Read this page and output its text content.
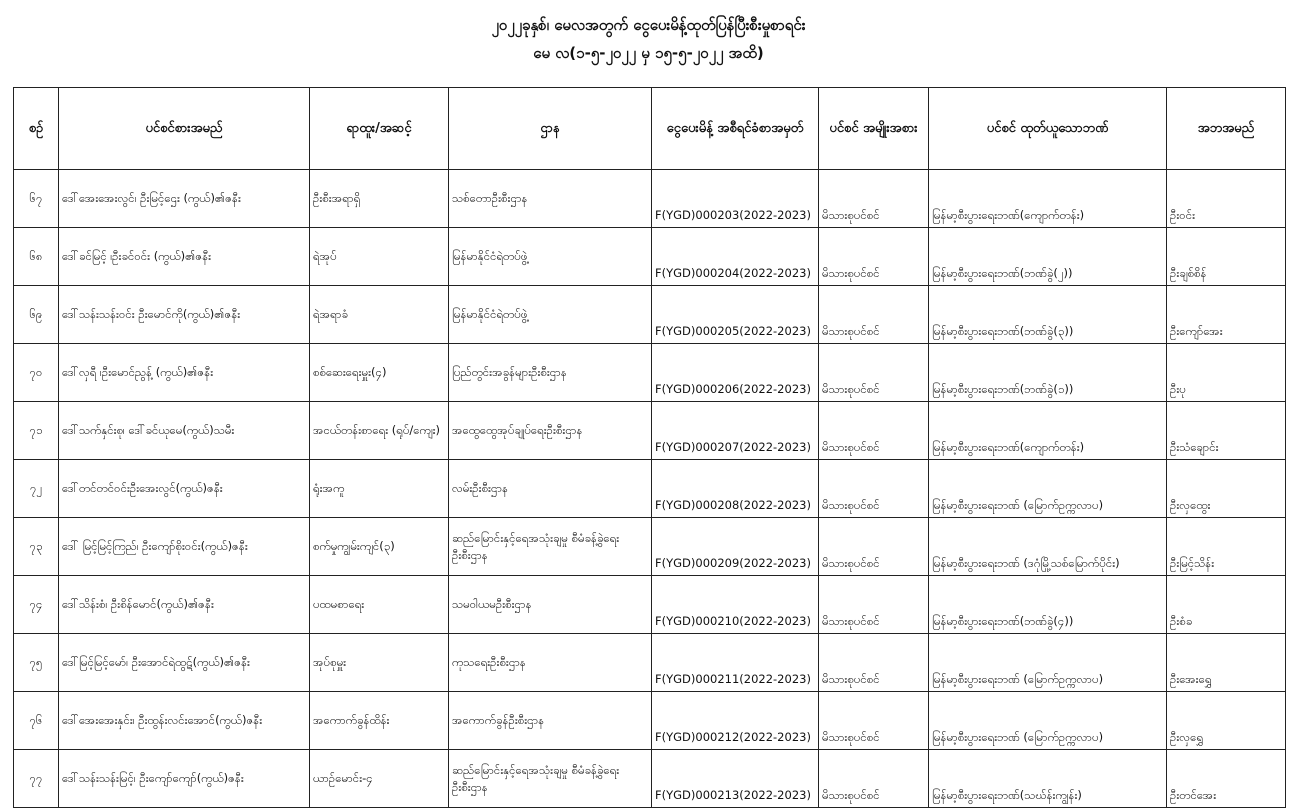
၂၀၂၂ခုနှစ်၊ မေလအတွက် ငွေပေးမိန့်ထုတ်ပြန်ပြီးစီးမှုစာရင်း
မေ လ(၁-၅-၂၀၂၂ မှ ၁၅-၅-၂၀၂၂ အထိ)
စဉ်	ပင်စင်စားအမည်	ရာထူး/အဆင့်	ဌာန	ငွေပေးမိန့် အစီရင်ခံစာအမှတ်	ပင်စင် အမျိုးအစား	ပင်စင် ထုတ်ယူသောဘဏ်	အဘအမည်
၆၇	ဒေါ်အေးအေးလွင်၊ ဦးမြင့်ဌေး (ကွယ်)၏ဇနီး	ဦးစီးအရာရှိ	သစ်တောဦးစီးဌာန	F(YGD)000203(2022-2023)	မိသားစုပင်စင်	မြန်မာ့စီးပွားရေးဘဏ်(ကျောက်တန်း)	ဦးဝင်း
၆၈	ဒေါ်ခင်မြင့် ၊ဦးခင်ဝင်း (ကွယ်)၏ဇနီး	ရဲအုပ်	မြန်မာနိုင်ငံရဲတပ်ဖွဲ့	F(YGD)000204(2022-2023)	မိသားစုပင်စင်	မြန်မာ့စီးပွားရေးဘဏ်(ဘဏ်ခွဲ(၂))	ဦးချစ်စိန်
၆၉	ဒေါ်သန်းသန်းဝင်း ဦးမောင်ကို(ကွယ်)၏ဇနီး	ရဲအရာခံ	မြန်မာနိုင်ငံရဲတပ်ဖွဲ့	F(YGD)000205(2022-2023)	မိသားစုပင်စင်	မြန်မာ့စီးပွားရေးဘဏ်(ဘဏ်ခွဲ(၃))	ဦးကျော်အေး
၇၀	ဒေါ်လှရီ ၊ဦးမောင်ညွန့် (ကွယ်)၏ဇနီး	စစ်ဆေးရေးမှူး(၄)	ပြည်တွင်းအခွန်များဦးစီးဌာန	F(YGD)000206(2022-2023)	မိသားစုပင်စင်	မြန်မာ့စီးပွားရေးဘဏ်(ဘဏ်ခွဲ(၁))	ဦးပု
၇၁	ဒေါ်သက်နှင်းစု၊ ဒေါ်ခင်ယုမေ(ကွယ်)သမီး	အငယ်တန်းစာရေး (ရုပ်/ကျေး)	အထွေထွေအုပ်ချုပ်ရေးဦးစီးဌာန	F(YGD)000207(2022-2023)	မိသားစုပင်စင်	မြန်မာ့စီးပွားရေးဘဏ်(ကျောက်တန်း)	ဦးသံချောင်း
၇၂	ဒေါ်တင်တင်ဝင်းဦးအေးလွင်(ကွယ်)ဇနီး	ရုံးအကူ	လမ်းဦးစီးဌာန	F(YGD)000208(2022-2023)	မိသားစုပင်စင်	မြန်မာ့စီးပွားရေးဘဏ် (မြောက်ဥက္ကလာပ)	ဦးလှထွေး
၇၃	ဒေါ် မြင့်မြင့်ကြည်၊ ဦးကျော်စိုးဝင်း(ကွယ်)ဇနီး	စက်မှုကျွမ်းကျင်(၃)	ဆည်မြောင်းနှင့်ရေအသုံးချမှု စီမံခန့်ခွဲရေးဦးစီးဌာန	F(YGD)000209(2022-2023)	မိသားစုပင်စင်	မြန်မာ့စီးပွားရေးဘဏ် (ဒဂုံမြို့သစ်မြောက်ပိုင်း)	ဦးမြင့်သိန်း
၇၄	ဒေါ်သိန်းစံ၊ ဦးစိန်မောင်(ကွယ်)၏ဇနီး	ပထမစာရေး	သမဝါယမဦးစီးဌာန	F(YGD)000210(2022-2023)	မိသားစုပင်စင်	မြန်မာ့စီးပွားရေးဘဏ်(ဘဏ်ခွဲ(၄))	ဦးစံခ
၇၅	ဒေါ်မြင့်မြင့်မော်၊ ဦးအောင်ရဲထွဋ်(ကွယ်)၏ဇနီး	အုပ်စုမှူး	ကုသရေးဦးစီးဌာန	F(YGD)000211(2022-2023)	မိသားစုပင်စင်	မြန်မာ့စီးပွားရေးဘဏ် (မြောက်ဥက္ကလာပ)	ဦးအေးရွှေ
၇၆	ဒေါ်အေးအေးနှင်း၊ ဦးထွန်းလင်းအောင်(ကွယ်)ဇနီး	အကောက်ခွန်ထိန်း	အကောက်ခွန်ဦးစီးဌာန	F(YGD)000212(2022-2023)	မိသားစုပင်စင်	မြန်မာ့စီးပွားရေးဘဏ် (မြောက်ဥက္ကလာပ)	ဦးလှရွှေ
၇၇	ဒေါ်သန်းသန်းမြင့်၊ ဦးကျော်ကျော်(ကွယ်)ဇနီး	ယာဉ်မောင်း-၄	ဆည်မြောင်းနှင့်ရေအသုံးချမှု စီမံခန့်ခွဲရေးဦးစီးဌာန	F(YGD)000213(2022-2023)	မိသားစုပင်စင်	မြန်မာ့စီးပွားရေးဘဏ်(သဃ်န်းကျွန်း)	ဦးတင်အေး
